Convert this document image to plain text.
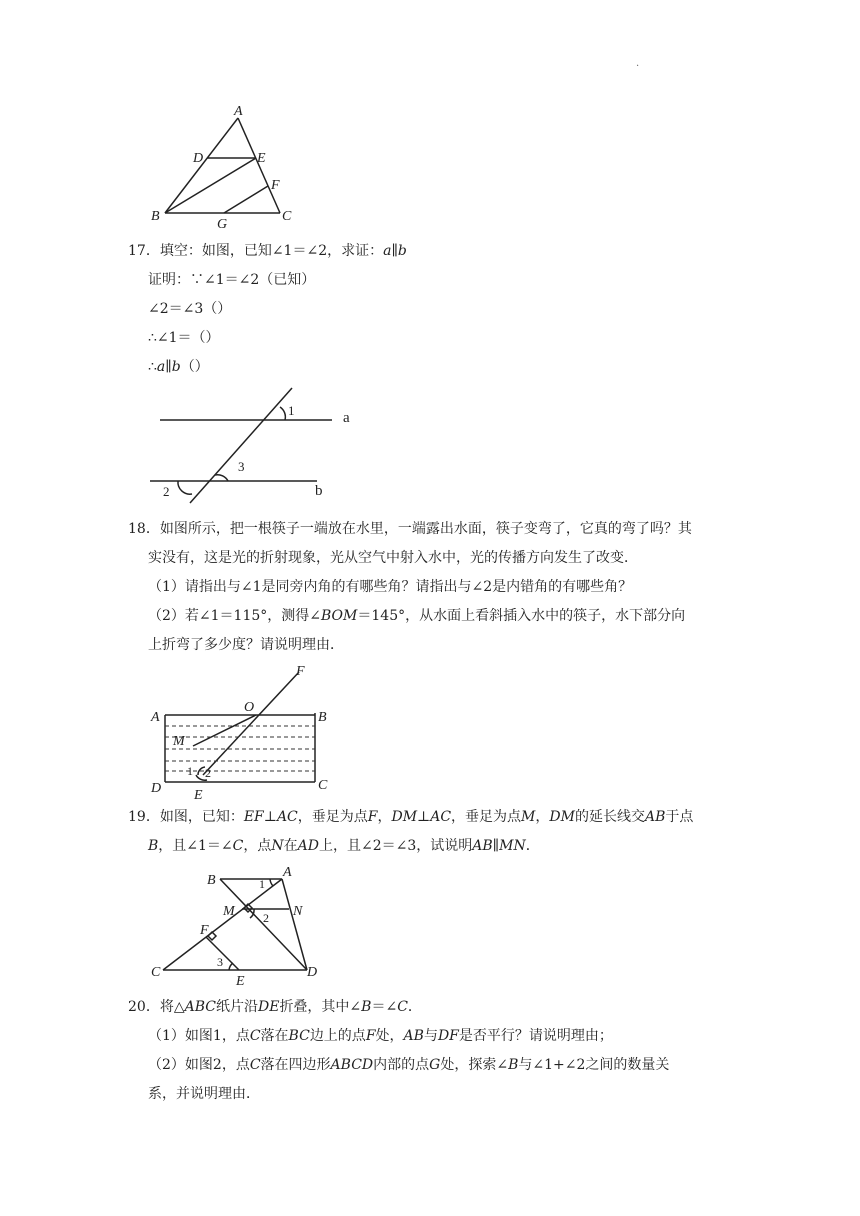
.
A
D	E
F
B
G
C
17．填空：如图，已知∠1＝∠2，求证：a∥b
证明：∵∠1＝∠2（已知）
∠2＝∠3（）
∴∠1＝（）
∴a∥b（）
1
3
2
a
b
18．如图所示，把一根筷子一端放在水里，一端露出水面，筷子变弯了，它真的弯了吗？其
实没有，这是光的折射现象，光从空气中射入水中，光的传播方向发生了改变．
（1）请指出与∠1是同旁内角的有哪些角？请指出与∠2是内错角的有哪些角？
（2）若∠1＝115°，测得∠BOM＝145°，从水面上看斜插入水中的筷子，水下部分向
上折弯了多少度？请说明理由．
A	B
O
F
M
D	C
E
1 2
19．如图，已知：EF⊥AC，垂足为点F，DM⊥AC，垂足为点M，DM的延长线交AB于点
B，且∠1＝∠C，点N在AD上，且∠2＝∠3，试说明AB∥MN．
B
A
M	N
F
C
E
D
1
2
3
20．将△ABC纸片沿DE折叠，其中∠B＝∠C．
（1）如图1，点C落在BC边上的点F处，AB与DF是否平行？请说明理由；
（2）如图2，点C落在四边形ABCD内部的点G处，探索∠B与∠1+∠2之间的数量关
系，并说明理由．
